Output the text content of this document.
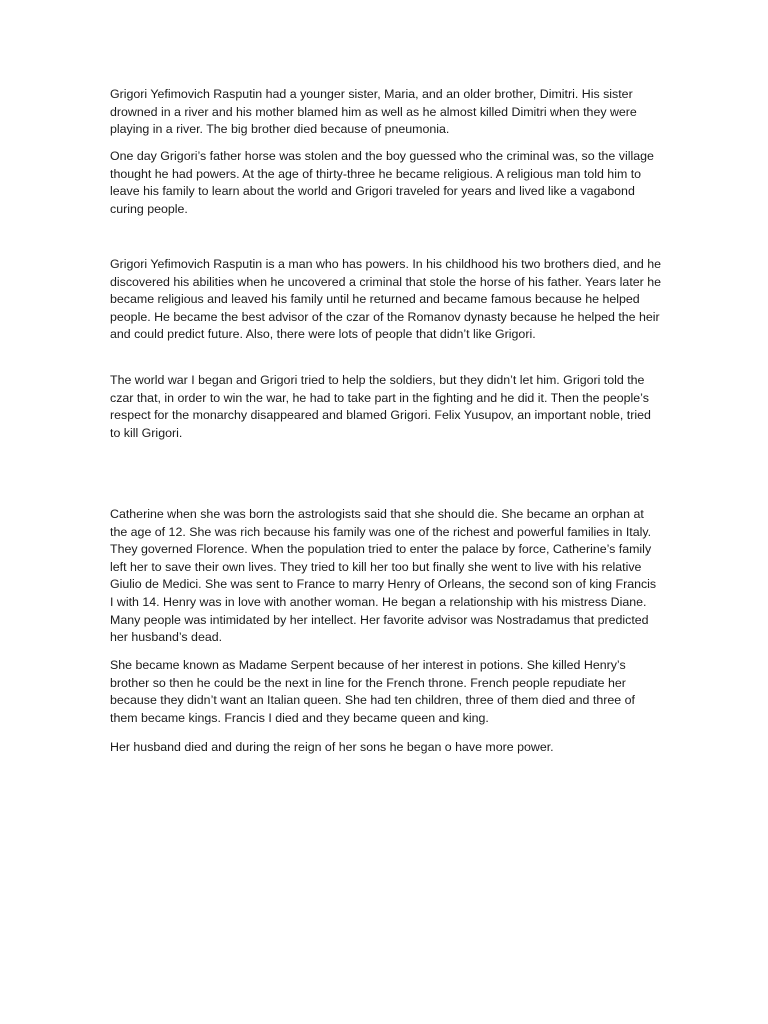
Grigori Yefimovich Rasputin had a younger sister, Maria, and an older brother, Dimitri. His sister drowned in a river and his mother blamed him as well as he almost killed Dimitri when they were playing in a river. The big brother died because of pneumonia.

One day Grigori’s father horse was stolen and the boy guessed who the criminal was, so the village thought he had powers. At the age of thirty-three he became religious. A religious man told him to leave his family to learn about the world and Grigori traveled for years and lived like a vagabond curing people.

Grigori Yefimovich Rasputin is a man who has powers. In his childhood his two brothers died, and he discovered his abilities when he uncovered a criminal that stole the horse of his father. Years later he became religious and leaved his family until he returned and became famous because he helped people. He became the best advisor of the czar of the Romanov dynasty because he helped the heir and could predict future. Also, there were lots of people that didn’t like Grigori.

The world war I began and Grigori tried to help the soldiers, but they didn’t let him. Grigori told the czar that, in order to win the war, he had to take part in the fighting and he did it. Then the people’s respect for the monarchy disappeared and blamed Grigori. Felix Yusupov, an important noble, tried to kill Grigori.

Catherine when she was born the astrologists said that she should die. She became an orphan at the age of 12. She was rich because his family was one of the richest and powerful families in Italy. They governed Florence. When the population tried to enter the palace by force, Catherine’s family left her to save their own lives. They tried to kill her too but finally she went to live with his relative Giulio de Medici. She was sent to France to marry Henry of Orleans, the second son of king Francis I with 14. Henry was in love with another woman. He began a relationship with his mistress Diane. Many people was intimidated by her intellect. Her favorite advisor was Nostradamus that predicted her husband’s dead.

She became known as Madame Serpent because of her interest in potions. She killed Henry’s brother so then he could be the next in line for the French throne. French people repudiate her because they didn’t want an Italian queen. She had ten children, three of them died and three of them became kings. Francis I died and they became queen and king.

Her husband died and during the reign of her sons he began o have more power.
